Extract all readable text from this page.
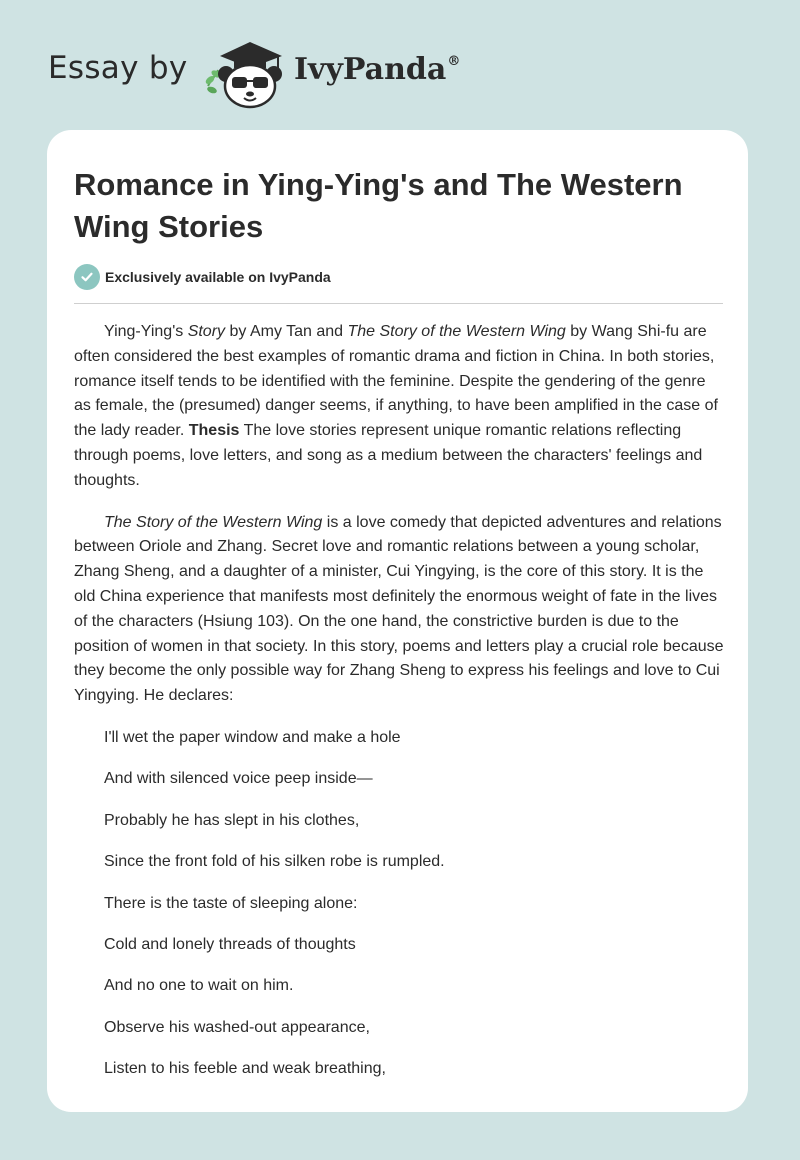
Essay by	IvyPanda®
Romance in Ying-Ying's and The Western Wing Stories
Exclusively available on IvyPanda

Ying-Ying's Story by Amy Tan and The Story of the Western Wing by Wang Shi-fu are often considered the best examples of romantic drama and fiction in China. In both stories, romance itself tends to be identified with the feminine. Despite the gendering of the genre as female, the (presumed) danger seems, if anything, to have been amplified in the case of the lady reader. Thesis The love stories represent unique romantic relations reflecting through poems, love letters, and song as a medium between the characters' feelings and thoughts.

The Story of the Western Wing is a love comedy that depicted adventures and relations between Oriole and Zhang. Secret love and romantic relations between a young scholar, Zhang Sheng, and a daughter of a minister, Cui Yingying, is the core of this story. It is the old China experience that manifests most definitely the enormous weight of fate in the lives of the characters (Hsiung 103). On the one hand, the constrictive burden is due to the position of women in that society. In this story, poems and letters play a crucial role because they become the only possible way for Zhang Sheng to express his feelings and love to Cui Yingying. He declares:

I'll wet the paper window and make a hole

And with silenced voice peep inside—

Probably he has slept in his clothes,

Since the front fold of his silken robe is rumpled.

There is the taste of sleeping alone:

Cold and lonely threads of thoughts

And no one to wait on him.

Observe his washed-out appearance,

Listen to his feeble and weak breathing,
